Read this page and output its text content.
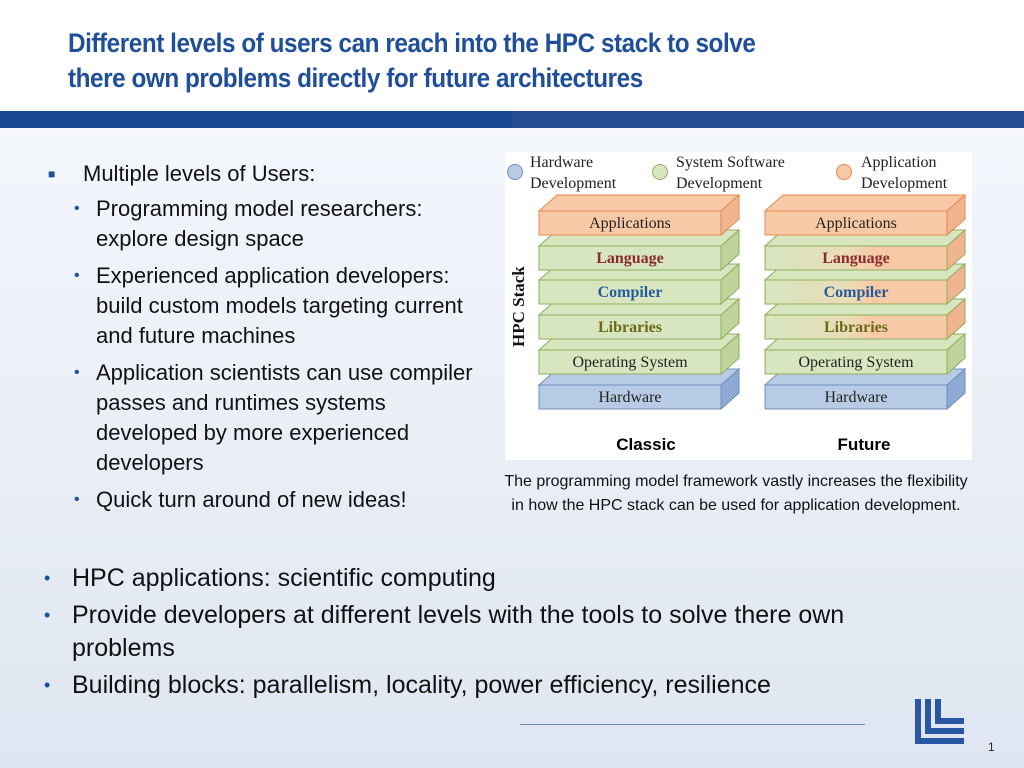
Different levels of users can reach into the HPC stack to solve
there own problems directly for future architectures
■	Multiple levels of Users:
• Programming model researchers: explore design space
• Experienced application developers: build custom models targeting current and future machines
• Application scientists can use compiler passes and runtimes systems developed by more experienced developers
• Quick turn around of new ideas!
• HPC applications: scientific computing
• Provide developers at different levels with the tools to solve there own problems
• Building blocks: parallelism, locality, power efficiency, resilience
Hardware
Development
System Software
Development
Application
Development
HPC Stack
Hardware
Operating System
Libraries
Compiler
Language
Applications
Hardware
Operating System
Libraries
Compiler
Language
Applications
Classic	Future
The programming model framework vastly increases the flexibility in how the HPC stack can be used for application development.
1
